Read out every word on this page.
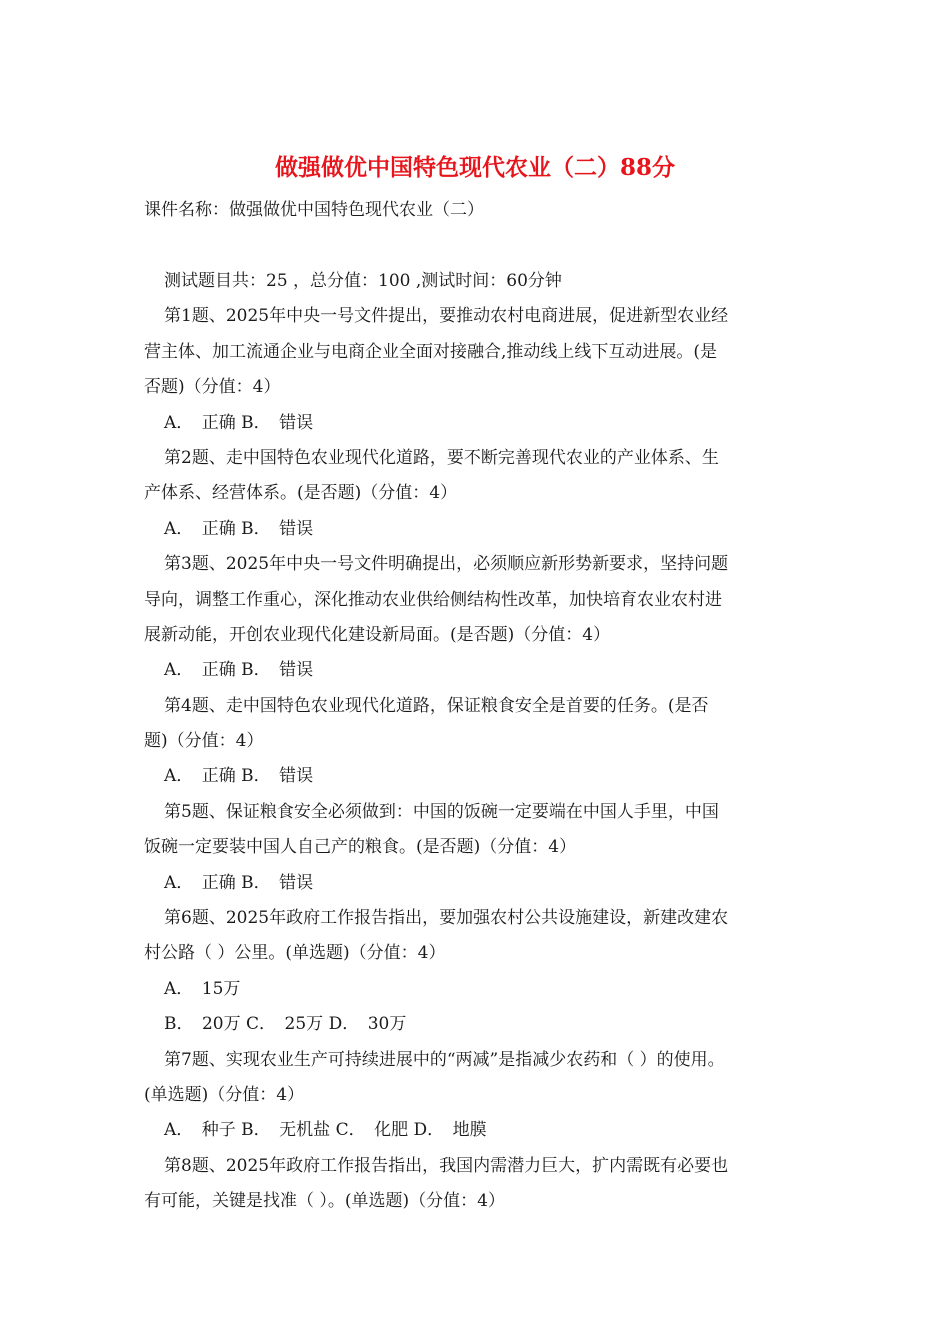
做强做优中国特色现代农业（二）88分
课件名称：做强做优中国特色现代农业（二）
测试题目共：25 ，总分值：100 ,测试时间：60分钟
第1题、2025年中央一号文件提出，要推动农村电商进展，促进新型农业经
营主体、加工流通企业与电商企业全面对接融合,推动线上线下互动进展。(是
否题)（分值：4）
A．　正确 B．　错误
第2题、走中国特色农业现代化道路，要不断完善现代农业的产业体系、生
产体系、经营体系。(是否题)（分值：4）
A．　正确 B．　错误
第3题、2025年中央一号文件明确提出，必须顺应新形势新要求，坚持问题
导向，调整工作重心，深化推动农业供给侧结构性改革，加快培育农业农村进
展新动能，开创农业现代化建设新局面。(是否题)（分值：4）
A．　正确 B．　错误
第4题、走中国特色农业现代化道路，保证粮食安全是首要的任务。(是否
题)（分值：4）
A．　正确 B．　错误
第5题、保证粮食安全必须做到：中国的饭碗一定要端在中国人手里，中国
饭碗一定要装中国人自己产的粮食。(是否题)（分值：4）
A．　正确 B．　错误
第6题、2025年政府工作报告指出，要加强农村公共设施建设，新建改建农
村公路（ ）公里。(单选题)（分值：4）
A．　15万
B．　20万 C．　25万 D．　30万
第7题、实现农业生产可持续进展中的“两减”是指减少农药和（ ）的使用。
(单选题)（分值：4）
A．　种子 B．　无机盐 C．　化肥 D．　地膜
第8题、2025年政府工作报告指出，我国内需潜力巨大，扩内需既有必要也
有可能，关键是找准（ ）。(单选题)（分值：4）
